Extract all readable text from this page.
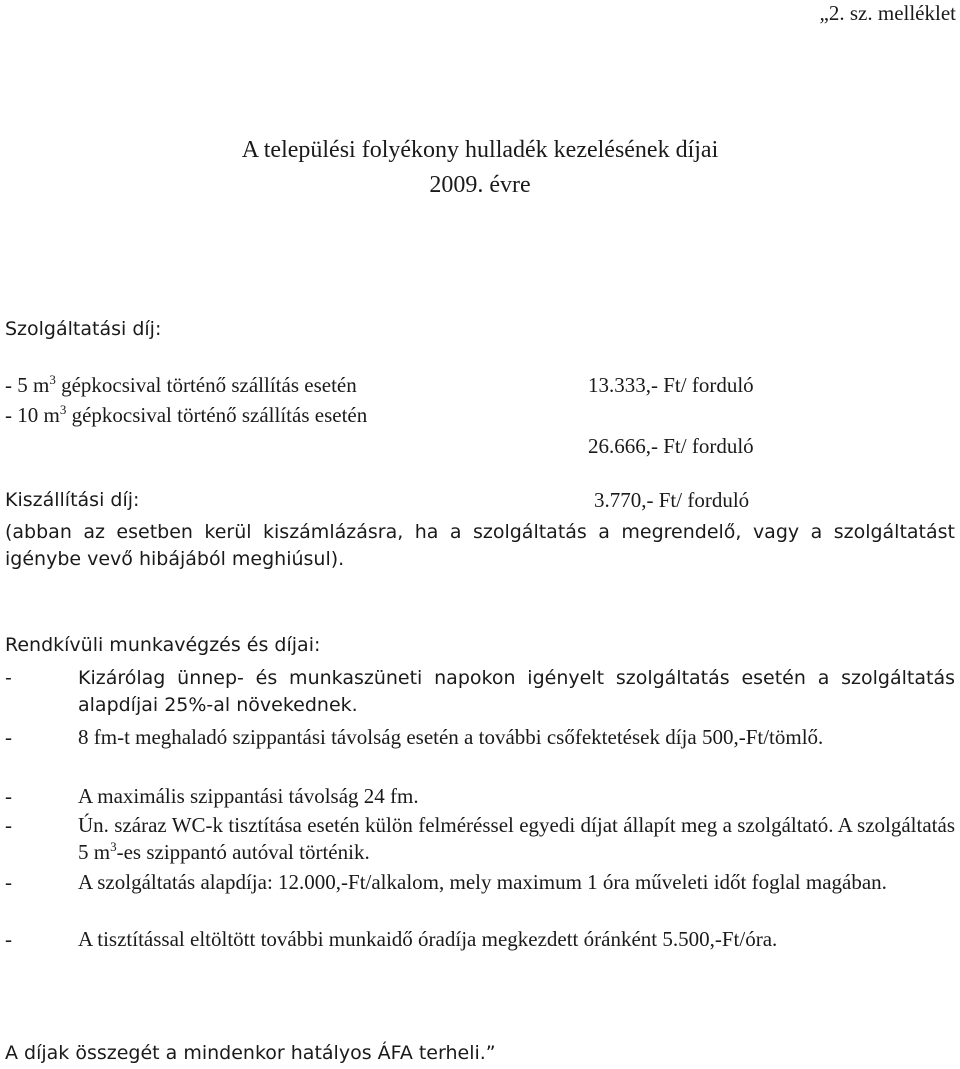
„2. sz. melléklet
A települési folyékony hulladék kezelésének díjai
2009. évre
Szolgáltatási díj:
- 5 $m^3$ gépkocsival történő szállítás esetén	13.333,- Ft/ forduló
- 10 $m^3$ gépkocsival történő szállítás esetén
26.666,- Ft/ forduló
Kiszállítási díj:	3.770,- Ft/ forduló
(abban az esetben kerül kiszámlázásra, ha a szolgáltatás a megrendelő, vagy a szolgáltatást igénybe vevő hibájából meghiúsul).
Rendkívüli munkavégzés és díjai:
-	Kizárólag ünnep- és munkaszüneti napokon igényelt szolgáltatás esetén a szolgáltatás alapdíjai 25%-al növekednek.
-	8 fm-t meghaladó szippantási távolság esetén a további csőfektetések díja 500,-Ft/tömlő.
-	A maximális szippantási távolság 24 fm.
-	Ún. száraz WC-k tisztítása esetén külön felméréssel egyedi díjat állapít meg a szolgáltató. A szolgáltatás 5 $m^3-es$ szippantó autóval történik.
-	A szolgáltatás alapdíja: 12.000,-Ft/alkalom, mely maximum 1 óra műveleti időt foglal magában.
-	A tisztítással eltöltött további munkaidő óradíja megkezdett óránként 5.500,-Ft/óra.
A díjak összegét a mindenkor hatályos ÁFA terheli.”
